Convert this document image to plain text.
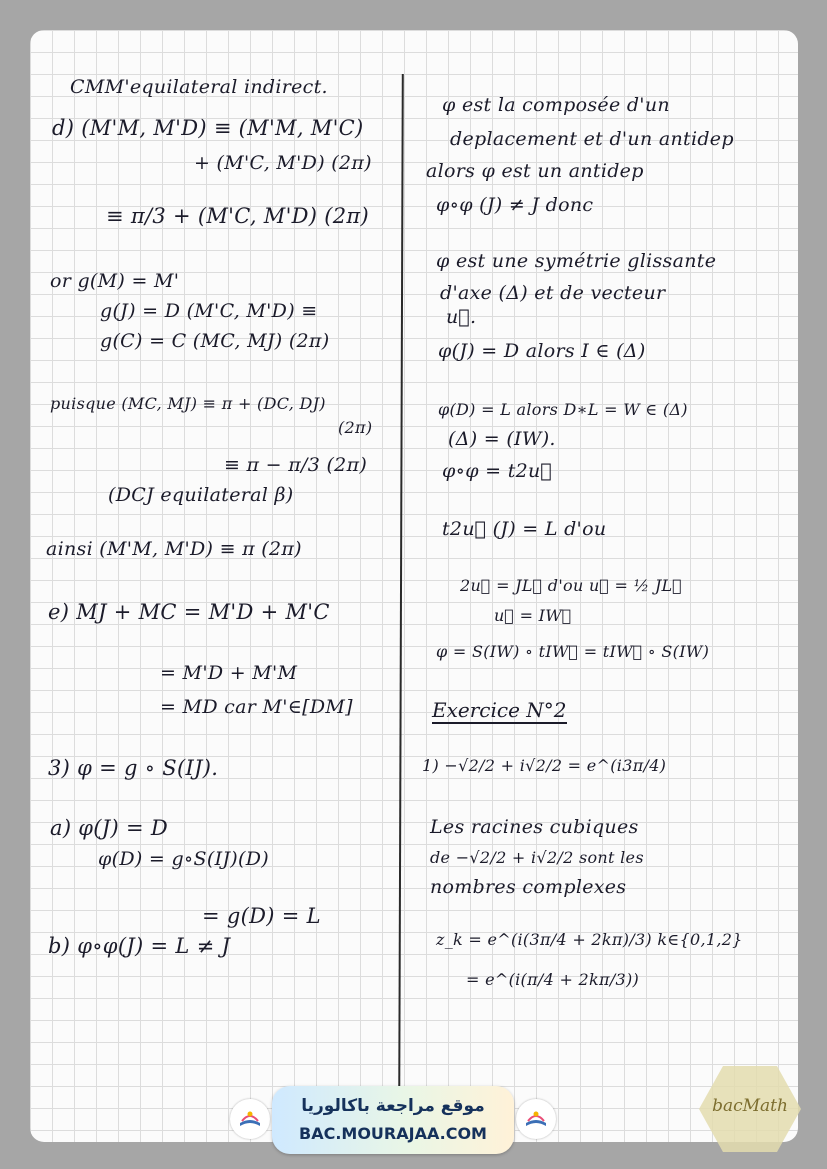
CMM'equilateral indirect.
d) (M'M, M'D) ≡ (M'M, M'C)
+ (M'C, M'D) (2π)
≡ π/3 + (M'C, M'D) (2π)
or g(M) = M'
g(J) = D (M'C, M'D) ≡
g(C) = C (MC, MJ) (2π)
puisque (MC, MJ) ≡ π + (DC, DJ)
(2π)
≡ π − π/3 (2π)
(DCJ equilateral β)
ainsi (M'M, M'D) ≡ π (2π)
e) MJ + MC = M'D + M'C
= M'D + M'M
= MD car M'∈[DM]
3) φ = g ∘ S(IJ).
a) φ(J) = D
φ(D) = g∘S(IJ)(D)
= g(D) = L
b) φ∘φ(J) = L ≠ J
φ est la composée d'un
deplacement et d'un antidep
alors φ est un antidep
φ∘φ (J) ≠ J donc
φ est une symétrie glissante
d'axe (Δ) et de vecteur
u⃗.
φ(J) = D alors I ∈ (Δ)
φ(D) = L alors D∗L = W ∈ (Δ)
(Δ) = (IW).
φ∘φ = t2u⃗
t2u⃗ (J) = L d'ou
2u⃗ = JL⃗ d'ou u⃗ = ½ JL⃗
u⃗ = IW⃗
φ = S(IW) ∘ tIW⃗ = tIW⃗ ∘ S(IW)
Exercice N°2
1) −√2/2 + i√2/2 = e^(i3π/4)
Les racines cubiques
de −√2/2 + i√2/2 sont les
nombres complexes
z_k = e^(i(3π/4 + 2kπ)/3) k∈{0,1,2}
= e^(i(π/4 + 2kπ/3))
موقع مراجعة باكالوريا
BAC.MOURAJAA.COM
bacMath
